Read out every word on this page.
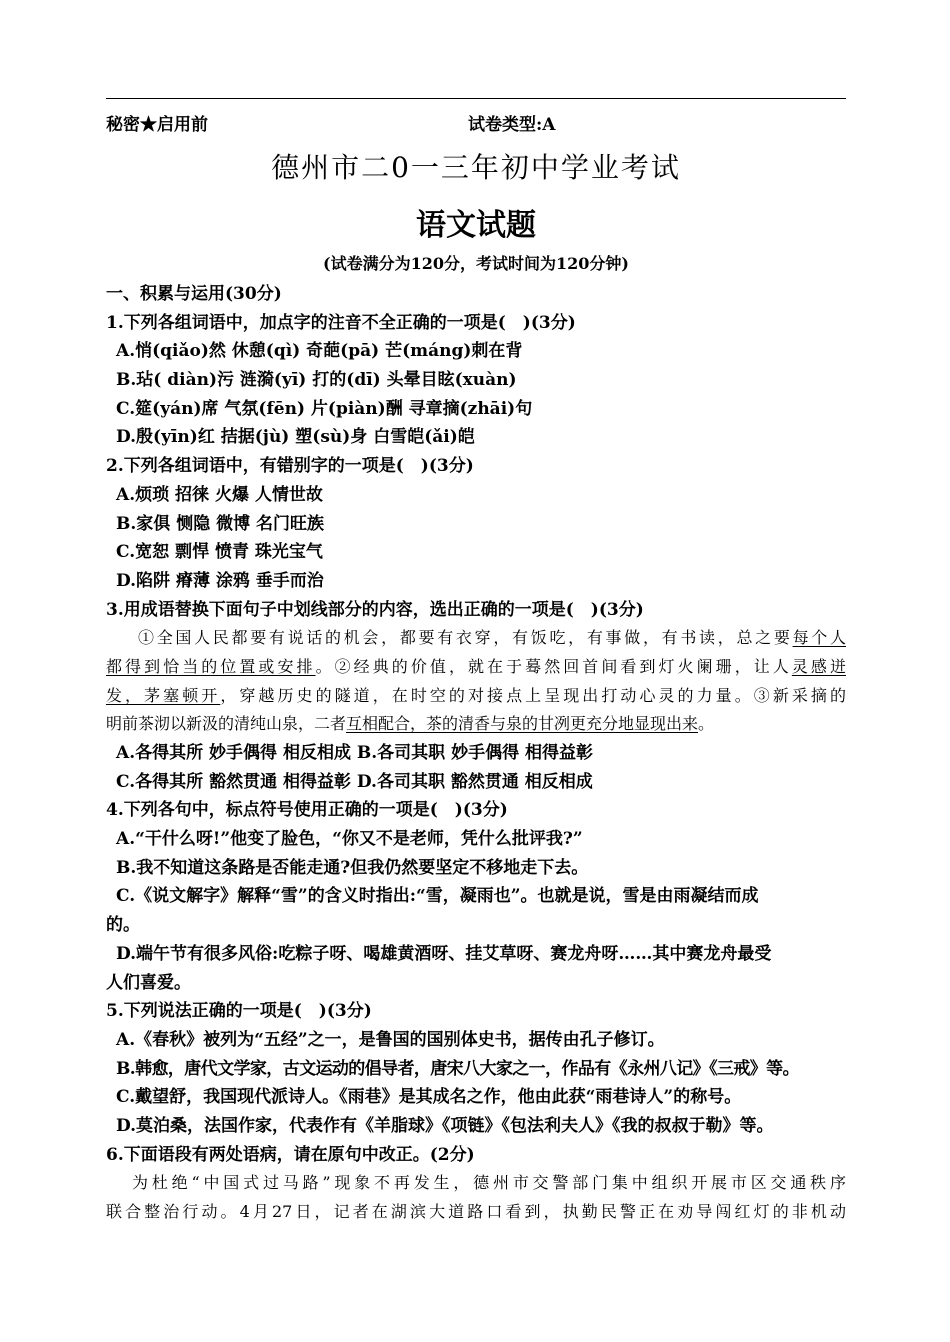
秘密★启用前	试卷类型:A
德州市二0一三年初中学业考试
语文试题
(试卷满分为120分，考试时间为120分钟)
一、积累与运用(30分)
1.下列各组词语中，加点字的注音不全正确的一项是(　)(3分)
A.悄(qiǎo)然 休憩(qì) 奇葩(pā) 芒(máng)刺在背
B.玷( diàn)污 涟漪(yī) 打的(dī) 头晕目眩(xuàn)
C.筵(yán)席 气氛(fēn) 片(piàn)酬 寻章摘(zhāi)句
D.殷(yīn)红 拮据(jù) 塑(sù)身 白雪皑(ǎi)皑
2.下列各组词语中，有错别字的一项是(　)(3分)
A.烦琐 招徕 火爆 人情世故
B.家俱 恻隐 微博 名门旺族
C.宽恕 剽悍 愤青 珠光宝气
D.陷阱 瘠薄 涂鸦 垂手而治
3.用成语替换下面句子中划线部分的内容，选出正确的一项是(　)(3分)
①全国人民都要有说话的机会，都要有衣穿，有饭吃，有事做，有书读，总之要每个人
都得到恰当的位置或安排。②经典的价值，就在于蓦然回首间看到灯火阑珊，让人灵感迸
发，茅塞顿开，穿越历史的隧道，在时空的对接点上呈现出打动心灵的力量。③新采摘的
明前茶沏以新汲的清纯山泉，二者互相配合，茶的清香与泉的甘冽更充分地显现出来。
A.各得其所 妙手偶得 相反相成 B.各司其职 妙手偶得 相得益彰
C.各得其所 豁然贯通 相得益彰 D.各司其职 豁然贯通 相反相成
4.下列各句中，标点符号使用正确的一项是(　)(3分)
A.“干什么呀!”他变了脸色，“你又不是老师，凭什么批评我?”
B.我不知道这条路是否能走通?但我仍然要坚定不移地走下去。
C.《说文解字》解释“雪”的含义时指出:“雪，凝雨也”。也就是说，雪是由雨凝结而成
的。
D.端午节有很多风俗:吃粽子呀、喝雄黄酒呀、挂艾草呀、赛龙舟呀……其中赛龙舟最受
人们喜爱。
5.下列说法正确的一项是(　)(3分)
A.《春秋》被列为“五经”之一，是鲁国的国别体史书，据传由孔子修订。
B.韩愈，唐代文学家，古文运动的倡导者，唐宋八大家之一，作品有《永州八记》《三戒》等。
C.戴望舒，我国现代派诗人。《雨巷》是其成名之作，他由此获“雨巷诗人”的称号。
D.莫泊桑，法国作家，代表作有《羊脂球》《项链》《包法利夫人》《我的叔叔于勒》等。
6.下面语段有两处语病，请在原句中改正。(2分)
为杜绝“中国式过马路”现象不再发生，德州市交警部门集中组织开展市区交通秩序
联合整治行动。4月27日，记者在湖滨大道路口看到，执勤民警正在劝导闯红灯的非机动
